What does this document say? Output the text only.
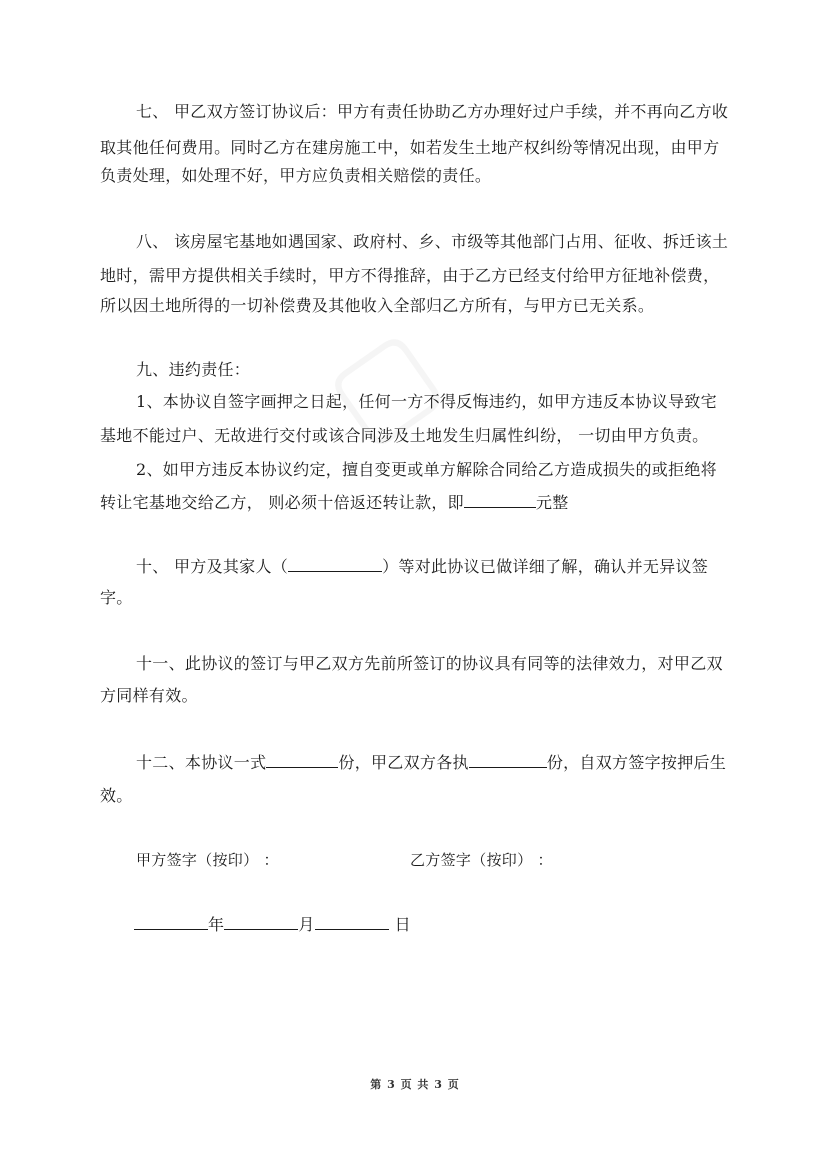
▢
七、 甲乙双方签订协议后：甲方有责任协助乙方办理好过户手续，并不再向乙方收
取其他任何费用。同时乙方在建房施工中，如若发生土地产权纠纷等情况出现，由甲方
负责处理，如处理不好，甲方应负责相关赔偿的责任。
八、 该房屋宅基地如遇国家、政府村、乡、市级等其他部门占用、征收、拆迁该土
地时，需甲方提供相关手续时，甲方不得推辞，由于乙方已经支付给甲方征地补偿费，
所以因土地所得的一切补偿费及其他收入全部归乙方所有，与甲方已无关系。
九、违约责任：
1、本协议自签字画押之日起，任何一方不得反悔违约，如甲方违反本协议导致宅
基地不能过户、无故进行交付或该合同涉及土地发生归属性纠纷， 一切由甲方负责。
2、如甲方违反本协议约定，擅自变更或单方解除合同给乙方造成损失的或拒绝将
转让宅基地交给乙方， 则必须十倍返还转让款，即	元整
十、 甲方及其家人（	）等对此协议已做详细了解，确认并无异议签
字。
十一、此协议的签订与甲乙双方先前所签订的协议具有同等的法律效力，对甲乙双
方同样有效。
十二、本协议一式	份，甲乙双方各执	份，自双方签字按押后生
效。
甲方签字（按印） ：	乙方签字（按印） ：
年	月	日
第 3 页 共 3 页
